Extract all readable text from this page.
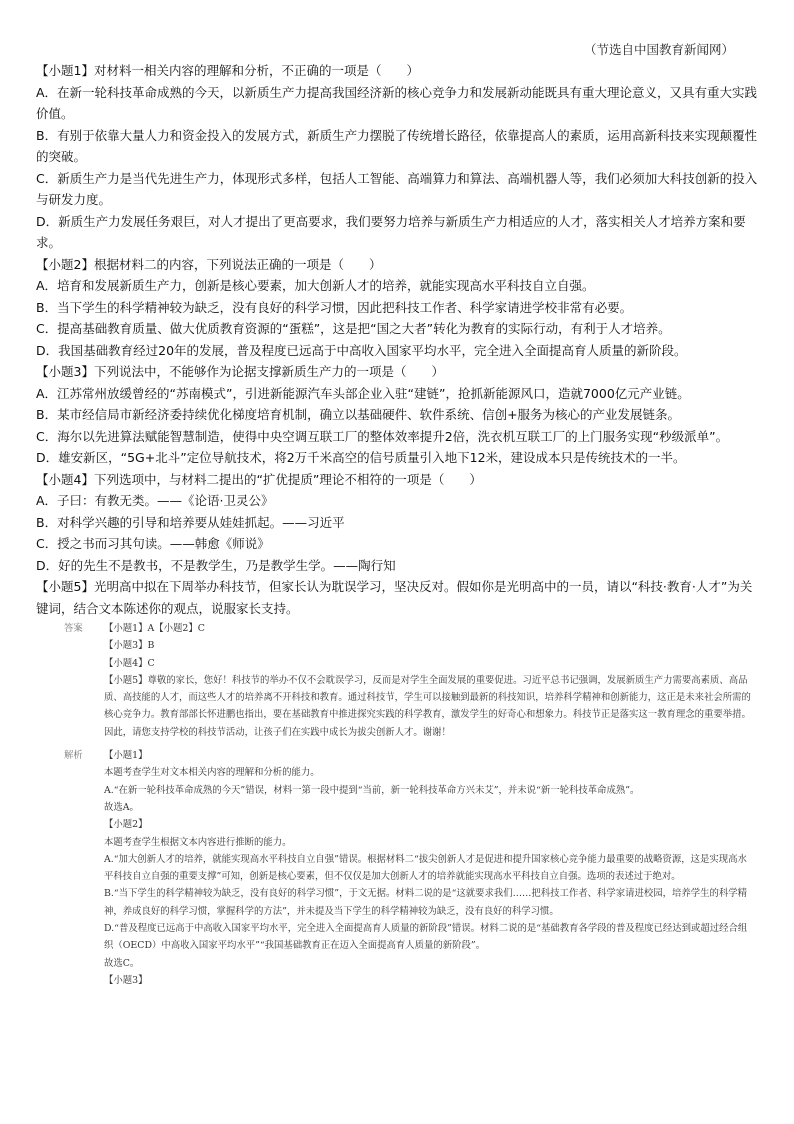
（节选自中国教育新闻网）

【小题1】对材料一相关内容的理解和分析，不正确的一项是（　　）

A．在新一轮科技革命成熟的今天，以新质生产力提高我国经济新的核心竞争力和发展新动能既具有重大理论意义，又具有重大实践价值。

B．有别于依靠大量人力和资金投入的发展方式，新质生产力摆脱了传统增长路径，依靠提高人的素质，运用高新科技来实现颠覆性的突破。

C．新质生产力是当代先进生产力，体现形式多样，包括人工智能、高端算力和算法、高端机器人等，我们必须加大科技创新的投入与研发力度。

D．新质生产力发展任务艰巨，对人才提出了更高要求，我们要努力培养与新质生产力相适应的人才，落实相关人才培养方案和要求。

【小题2】根据材料二的内容，下列说法正确的一项是（　　）

A．培育和发展新质生产力，创新是核心要素，加大创新人才的培养，就能实现高水平科技自立自强。

B．当下学生的科学精神较为缺乏，没有良好的科学习惯，因此把科技工作者、科学家请进学校非常有必要。

C．提高基础教育质量、做大优质教育资源的“蛋糕”，这是把“国之大者”转化为教育的实际行动，有利于人才培养。

D．我国基础教育经过20年的发展，普及程度已远高于中高收入国家平均水平，完全进入全面提高育人质量的新阶段。

【小题3】下列说法中，不能够作为论据支撑新质生产力的一项是（　　）

A．江苏常州放缓曾经的“苏南模式”，引进新能源汽车头部企业入驻“建链”，抢抓新能源风口，造就7000亿元产业链。

B．某市经信局市新经济委持续优化梯度培育机制，确立以基础硬件、软件系统、信创+服务为核心的产业发展链条。

C．海尔以先进算法赋能智慧制造，使得中央空调互联工厂的整体效率提升2倍，洗衣机互联工厂的上门服务实现“秒级派单”。

D．雄安新区，“5G+北斗”定位导航技术，将2万千米高空的信号质量引入地下12米，建设成本只是传统技术的一半。

【小题4】下列选项中，与材料二提出的“扩优提质”理论不相符的一项是（　　）

A．子曰：有教无类。——《论语·卫灵公》

B．对科学兴趣的引导和培养要从娃娃抓起。——习近平

C．授之书而习其句读。——韩愈《师说》

D．好的先生不是教书，不是教学生，乃是教学生学。——陶行知

【小题5】光明高中拟在下周举办科技节，但家长认为耽误学习，坚决反对。假如你是光明高中的一员，请以“科技·教育·人才”为关键词，结合文本陈述你的观点，说服家长支持。

答案	【小题1】A【小题2】C

【小题3】B

【小题4】C

【小题5】尊敬的家长，您好！科技节的举办不仅不会耽误学习，反而是对学生全面发展的重要促进。习近平总书记强调，发展新质生产力需要高素质、高品质、高技能的人才，而这些人才的培养离不开科技和教育。通过科技节，学生可以接触到最新的科技知识，培养科学精神和创新能力，这正是未来社会所需的核心竞争力。教育部部长怀进鹏也指出，要在基础教育中推进探究实践的科学教育，激发学生的好奇心和想象力。科技节正是落实这一教育理念的重要举措。因此，请您支持学校的科技节活动，让孩子们在实践中成长为拔尖创新人才。谢谢！

解析	【小题1】

本题考查学生对文本相关内容的理解和分析的能力。

A.“在新一轮科技革命成熟的今天”错误，材料一第一段中提到“当前，新一轮科技革命方兴未艾”，并未说“新一轮科技革命成熟”。

故选A。

【小题2】

本题考查学生根据文本内容进行推断的能力。

A.“加大创新人才的培养，就能实现高水平科技自立自强”错误。根据材料二“拔尖创新人才是促进和提升国家核心竞争能力最重要的战略资源，这是实现高水平科技自立自强的重要支撑”可知，创新是核心要素，但不仅仅是加大创新人才的培养就能实现高水平科技自立自强。选项的表述过于绝对。

B.“当下学生的科学精神较为缺乏，没有良好的科学习惯”，于文无据。材料二说的是“这就要求我们……把科技工作者、科学家请进校园，培养学生的科学精神，养成良好的科学习惯，掌握科学的方法”，并未提及当下学生的科学精神较为缺乏，没有良好的科学习惯。

D.“普及程度已远高于中高收入国家平均水平，完全进入全面提高育人质量的新阶段”错误。材料二说的是“基础教育各学段的普及程度已经达到或超过经合组织（OECD）中高收入国家平均水平”“我国基础教育正在迈入全面提高育人质量的新阶段”。

故选C。

【小题3】
